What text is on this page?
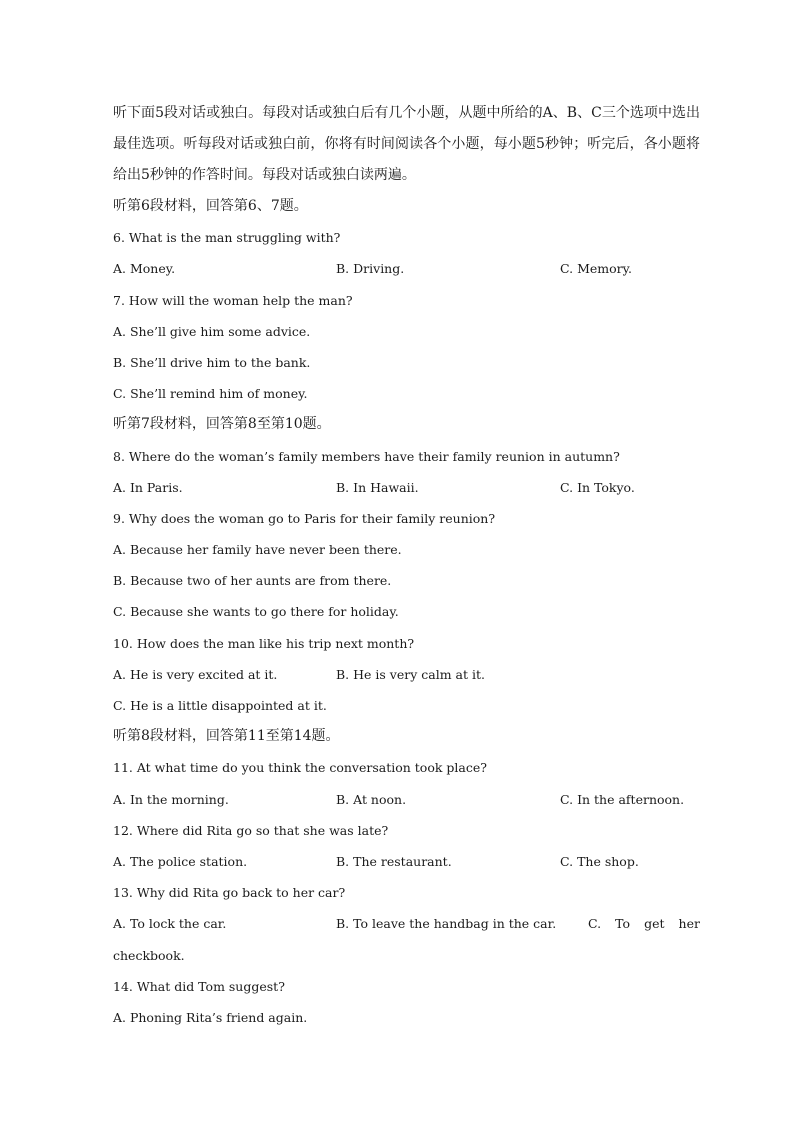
听下面5段对话或独白。每段对话或独白后有几个小题，从题中所给的A、B、C三个选项中选出最佳选项。听每段对话或独白前，你将有时间阅读各个小题，每小题5秒钟；听完后，各小题将给出5秒钟的作答时间。每段对话或独白读两遍。

听第6段材料，回答第6、7题。
6. What is the man struggling with?
A. Money.	B. Driving.	C. Memory.
7. How will the woman help the man?
A. She’ll give him some advice.
B. She’ll drive him to the bank.
C. She’ll remind him of money.
听第7段材料，回答第8至第10题。
8. Where do the woman’s family members have their family reunion in autumn?
A. In Paris.	B. In Hawaii.	C. In Tokyo.
9. Why does the woman go to Paris for their family reunion?
A. Because her family have never been there.
B. Because two of her aunts are from there.
C. Because she wants to go there for holiday.
10. How does the man like his trip next month?
A. He is very excited at it.	B. He is very calm at it.
C. He is a little disappointed at it.
听第8段材料，回答第11至第14题。
11. At what time do you think the conversation took place?
A. In the morning.	B. At noon.	C. In the afternoon.
12. Where did Rita go so that she was late?
A. The police station.	B. The restaurant.	C. The shop.
13. Why did Rita go back to her car?
A. To lock the car.	B. To leave the handbag in the car.	C. To get her
checkbook.
14. What did Tom suggest?
A. Phoning Rita’s friend again.
